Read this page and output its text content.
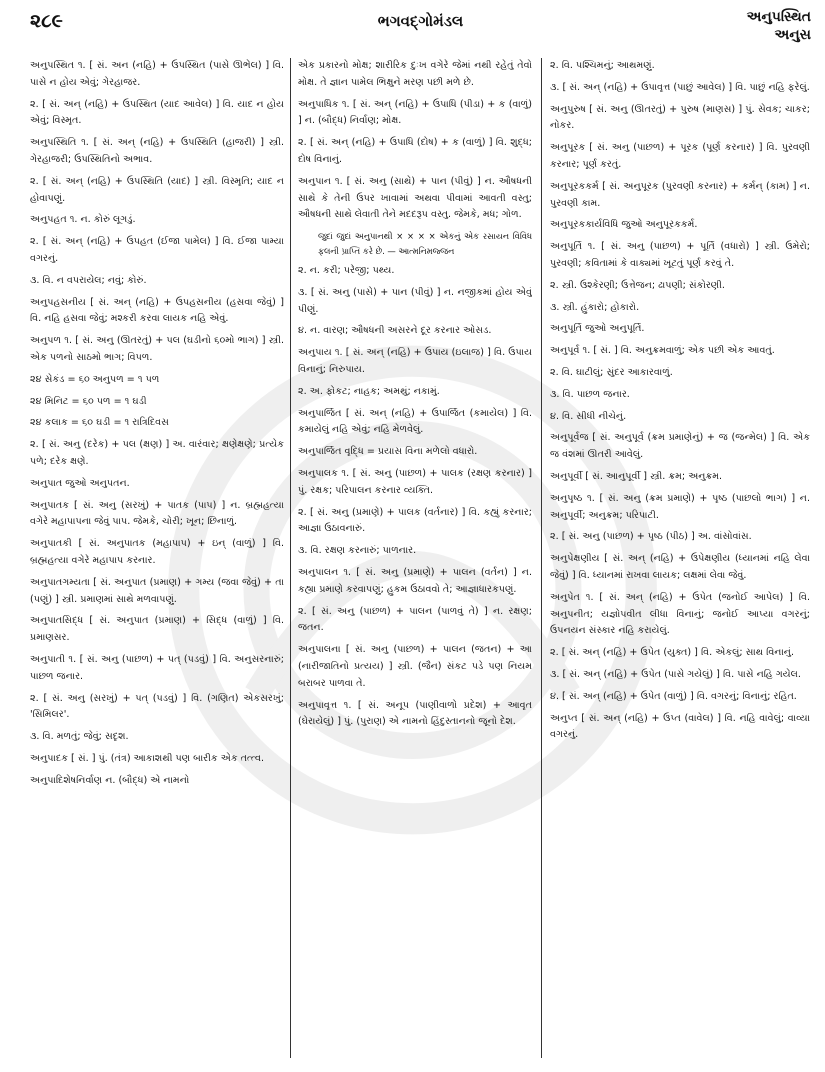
૨૮૯	ભગવદ્ગોમંડલ	અનુપસ્થિત
અનુસ

અનુપસ્થિત ૧. [ સં. અન (નહિ) + ઉપસ્થિત (પાસે ઊભેલ) ] વિ. પાસે ન હોય એવું; ગેરહાજર.

૨. [ સં. અન્ (નહિ) + ઉપસ્થિત (યાદ આવેલ) ] વિ. યાદ ન હોય એવું; વિસ્મૃત.

અનુપસ્થિતિ ૧. [ સં. અન્ (નહિ) + ઉપસ્થિતિ (હાજરી) ] સ્ત્રી. ગેરહાજરી; ઉપસ્થિતિનો અભાવ.

૨. [ સં. અન્ (નહિ) + ઉપસ્થિતિ (યાદ) ] સ્ત્રી. વિસ્મૃતિ; યાદ ન હોવાપણું.

અનુપહત ૧. ન. કોરું લૂગડું.

૨. [ સં. અન્ (નહિ) + ઉપહત (ઈજા પામેલ) ] વિ. ઈજા પામ્યા વગરનું.

૩. વિ. ન વપરાયેલ; નવું; કોરું.

અનુપહસનીય [ સં. અન્ (નહિ) + ઉપહસનીય (હસવા જેવું) ] વિ. નહિ હસવા જેવું; મશ્કરી કરવા લાયક નહિ એવું.

અનુપળ ૧. [ સં. અનુ (ઊતરતું) + પલ (ઘડીનો ૬૦મો ભાગ) ] સ્ત્રી. એક પળનો સાઠમો ભાગ; વિપળ.

૨૪ સેકંડ = ૬૦ અનુપળ = ૧ પળ

૨૪ મિનિટ = ૬૦ પળ = ૧ ઘડી

૨૪ કલાક = ૬૦ ઘડી = ૧ રાત્રિદિવસ

૨. [ સં. અનુ (દરેક) + પલ (ક્ષણ) ] અ. વારંવાર; ક્ષણેક્ષણે; પ્રત્યેક પળે; દરેક ક્ષણે.

અનુપાત જુઓ અનુપતન.

અનુપાતક [ સં. અનુ (સરખું) + પાતક (પાપ) ] ન. બ્રહ્મહત્યા વગેરે મહાપાપના જેવું પાપ. જેમકે, ચોરી; ખૂન; છિનાળું.

અનુપાતકી [ સં. અનુપાતક (મહાપાપ) + ઇન્ (વાળું) ] વિ. બ્રહ્મહત્યા વગેરે મહાપાપ કરનાર.

અનુપાતગમ્યતા [ સં. અનુપાત (પ્રમાણ) + ગમ્ય (જવા જેવું) + તા (પણું) ] સ્ત્રી. પ્રમાણમાં સાથે મળવાપણું.

અનુપાતસિદ્ધ [ સં. અનુપાત (પ્રમાણ) + સિદ્ધ (વાળું) ] વિ. પ્રમાણસર.

અનુપાતી ૧. [ સં. અનુ (પાછળ) + પત્ (પડવું) ] વિ. અનુસરનારું; પાછળ જનાર.

૨. [ સં. અનુ (સરખું) + પત્ (પડવું) ] વિ. (ગણિત) એકસરખું; 'સિમિલર'.

૩. વિ. મળતું; જેવું; સદૃશ.

અનુપાદક [ સં. ] પું. (તંત્ર) આકાશથી પણ બારીક એક તત્ત્વ.

અનુપાદિશેષનિર્વાણ ન. (બૌદ્ધ) એ નામનો

એક પ્રકારનો મોક્ષ; શારીરિક દુઃખ વગેરે જેમાં નથી રહેતું તેવો મોક્ષ. તે જ્ઞાન પામેલ ભિક્ષુને મરણ પછી મળે છે.

અનુપાધિક ૧. [ સં. અન્ (નહિ) + ઉપાધિ (પીડા) + ક (વાળું) ] ન. (બૌદ્ધ) નિર્વાણ; મોક્ષ.

૨. [ સં. અન્ (નહિ) + ઉપાધિ (દોષ) + ક (વાળું) ] વિ. શુદ્ધ; દોષ વિનાનું.

અનુપાન ૧. [ સં. અનુ (સાથે) + પાન (પીવું) ] ન. ઔષધની સાથે કે તેની ઉપર ખાવામાં અથવા પીવામાં આવતી વસ્તુ; ઔષધની સાથે લેવાતી તેને મદદરૂપ વસ્તુ. જેમકે, મધ; ગોળ.

જુદાં જુદાં અનુપાનથી × × × × એકનું એક રસાયન વિવિધ ફલની પ્રાપ્તિ કરે છે. — આત્મનિમજ્જન

૨. ન. કરી; પરેજી; પથ્ય.

૩. [ સં. અનુ (પાસે) + પાન (પીવું) ] ન. નજીકમાં હોય એવું પીણું.

૪. ન. વારણ; ઔષધની અસરને દૂર કરનાર ઓસડ.

અનુપાય ૧. [ સં. અન્ (નહિ) + ઉપાય (ઇલાજ) ] વિ. ઉપાય વિનાનું; નિરુપાય.

૨. અ. ફોકટ; નાહક; અમથું; નકામું.

અનુપાર્જિત [ સં. અન્ (નહિ) + ઉપાર્જિત (કમાયેલ) ] વિ. કમાયેલું નહિ એવું; નહિ મેળવેલું.

અનુપાર્જિત વૃદ્ધિ = પ્રયાસ વિના મળેલો વધારો.

અનુપાલક ૧. [ સં. અનુ (પાછળ) + પાલક (રક્ષણ કરનાર) ] પું. રક્ષક; પરિપાલન કરનાર વ્યક્તિ.

૨. [ સં. અનુ (પ્રમાણે) + પાલક (વર્તનાર) ] વિ. કહ્યું કરનાર; આજ્ઞા ઉઠાવનારું.

૩. વિ. રક્ષણ કરનારું; પાળનાર.

અનુપાલન ૧. [ સં. અનુ (પ્રમાણે) + પાલન (વર્તન) ] ન. કહ્યા પ્રમાણે કરવાપણું; હુકમ ઉઠાવવો તે; આજ્ઞાધારકપણું.

૨. [ સં. અનુ (પાછળ) + પાલન (પાળવું તે) ] ન. રક્ષણ; જતન.

અનુપાલના [ સં. અનુ (પાછળ) + પાલન (જતન) + આ (નારીજાતિનો પ્રત્યય) ] સ્ત્રી. (જૈન) સંકટ પડે પણ નિયમ બરાબર પાળવા તે.

અનુપાવૃત્ત ૧. [ સં. અનૂપ (પાણીવાળો પ્રદેશ) + આવૃત (ઘેરાયેલું) ] પું. (પુરાણ) એ નામનો હિંદુસ્તાનનો જૂનો દેશ.

૨. વિ. પશ્ચિમનું; આથમણું.

૩. [ સં. અન્ (નહિ) + ઉપાવૃત્ત (પાછું આવેલ) ] વિ. પાછું નહિ ફરેલું.

અનુપુરુષ [ સં. અનુ (ઊતરતું) + પુરુષ (માણસ) ] પું. સેવક; ચાકર; નોકર.

અનુપૂરક [ સં. અનુ (પાછળ) + પૂરક (પૂર્ણ કરનાર) ] વિ. પુરવણી કરનાર; પૂર્ણ કરતું.

અનુપૂરકકર્મ [ સં. અનુપૂરક (પુરવણી કરનાર) + કર્મન્ (કામ) ] ન. પુરવણી કામ.

અનુપૂરકકાર્યવિધિ જુઓ અનુપૂરકકર્મ.

અનુપૂર્તિ ૧. [ સં. અનુ (પાછળ) + પૂર્તિ (વધારો) ] સ્ત્રી. ઉમેરો; પુરવણી; કવિતામાં કે વાક્યમાં ખૂટતું પૂર્ણ કરવું તે.

૨. સ્ત્રી. ઉશ્કેરણી; ઉત્તેજન; ઢાપણી; સંકોરણી.

૩. સ્ત્રી. હુંકારો; હોકારો.

અનુપૂર્તિ જુઓ અનુપૂર્તિ.

અનુપૂર્વ ૧. [ સં. ] વિ. અનુક્રમવાળું; એક પછી એક આવતું.

૨. વિ. ઘાટીલું; સુંદર આકારવાળું.

૩. વિ. પાછળ જનાર.

૪. વિ. સીધી નીચેનું.

અનુપૂર્વજ [ સં. અનુપૂર્વ (ક્રમ પ્રમાણેનું) + જ (જન્મેલ) ] વિ. એક જ વંશમાં ઊતરી આવેલું.

અનુપૂર્વી [ સં. આનુપૂર્વી ] સ્ત્રી. ક્રમ; અનુક્રમ.

અનુપૃષ્ઠ ૧. [ સં. અનુ (ક્રમ પ્રમાણે) + પૃષ્ઠ (પાછલો ભાગ) ] ન. અનુપૂર્વી; અનુક્રમ; પરિપાટી.

૨. [ સં. અનુ (પાછળ) + પૃષ્ઠ (પીઠ) ] અ. વાંસોવાંસ.

અનુપેક્ષણીય [ સં. અન્ (નહિ) + ઉપેક્ષણીય (ધ્યાનમાં નહિ લેવા જેવું) ] વિ. ધ્યાનમાં રાખવા લાયક; લક્ષમાં લેવા જેવું.

અનુપેત ૧. [ સં. અન્ (નહિ) + ઉપેત (જનોઈ આપેલ) ] વિ. અનુપનીત; યજ્ઞોપવીત લીધા વિનાનું; જનોઈ આપ્યા વગરનું; ઉપનયન સંસ્કાર નહિ કરાયેલું.

૨. [ સં. અન્ (નહિ) + ઉપેત (યુક્ત) ] વિ. એકલું; સાથ વિનાનું.

૩. [ સં. અન્ (નહિ) + ઉપેત (પાસે ગયેલું) ] વિ. પાસે નહિ ગયેલ.

૪. [ સં. અન્ (નહિ) + ઉપેત (વાળું) ] વિ. વગરનું; વિનાનું; રહિત.

અનુપ્ત [ સં. અન્ (નહિ) + ઉપ્ત (વાવેલ) ] વિ. નહિ વાવેલું; વાવ્યા વગરનું.
